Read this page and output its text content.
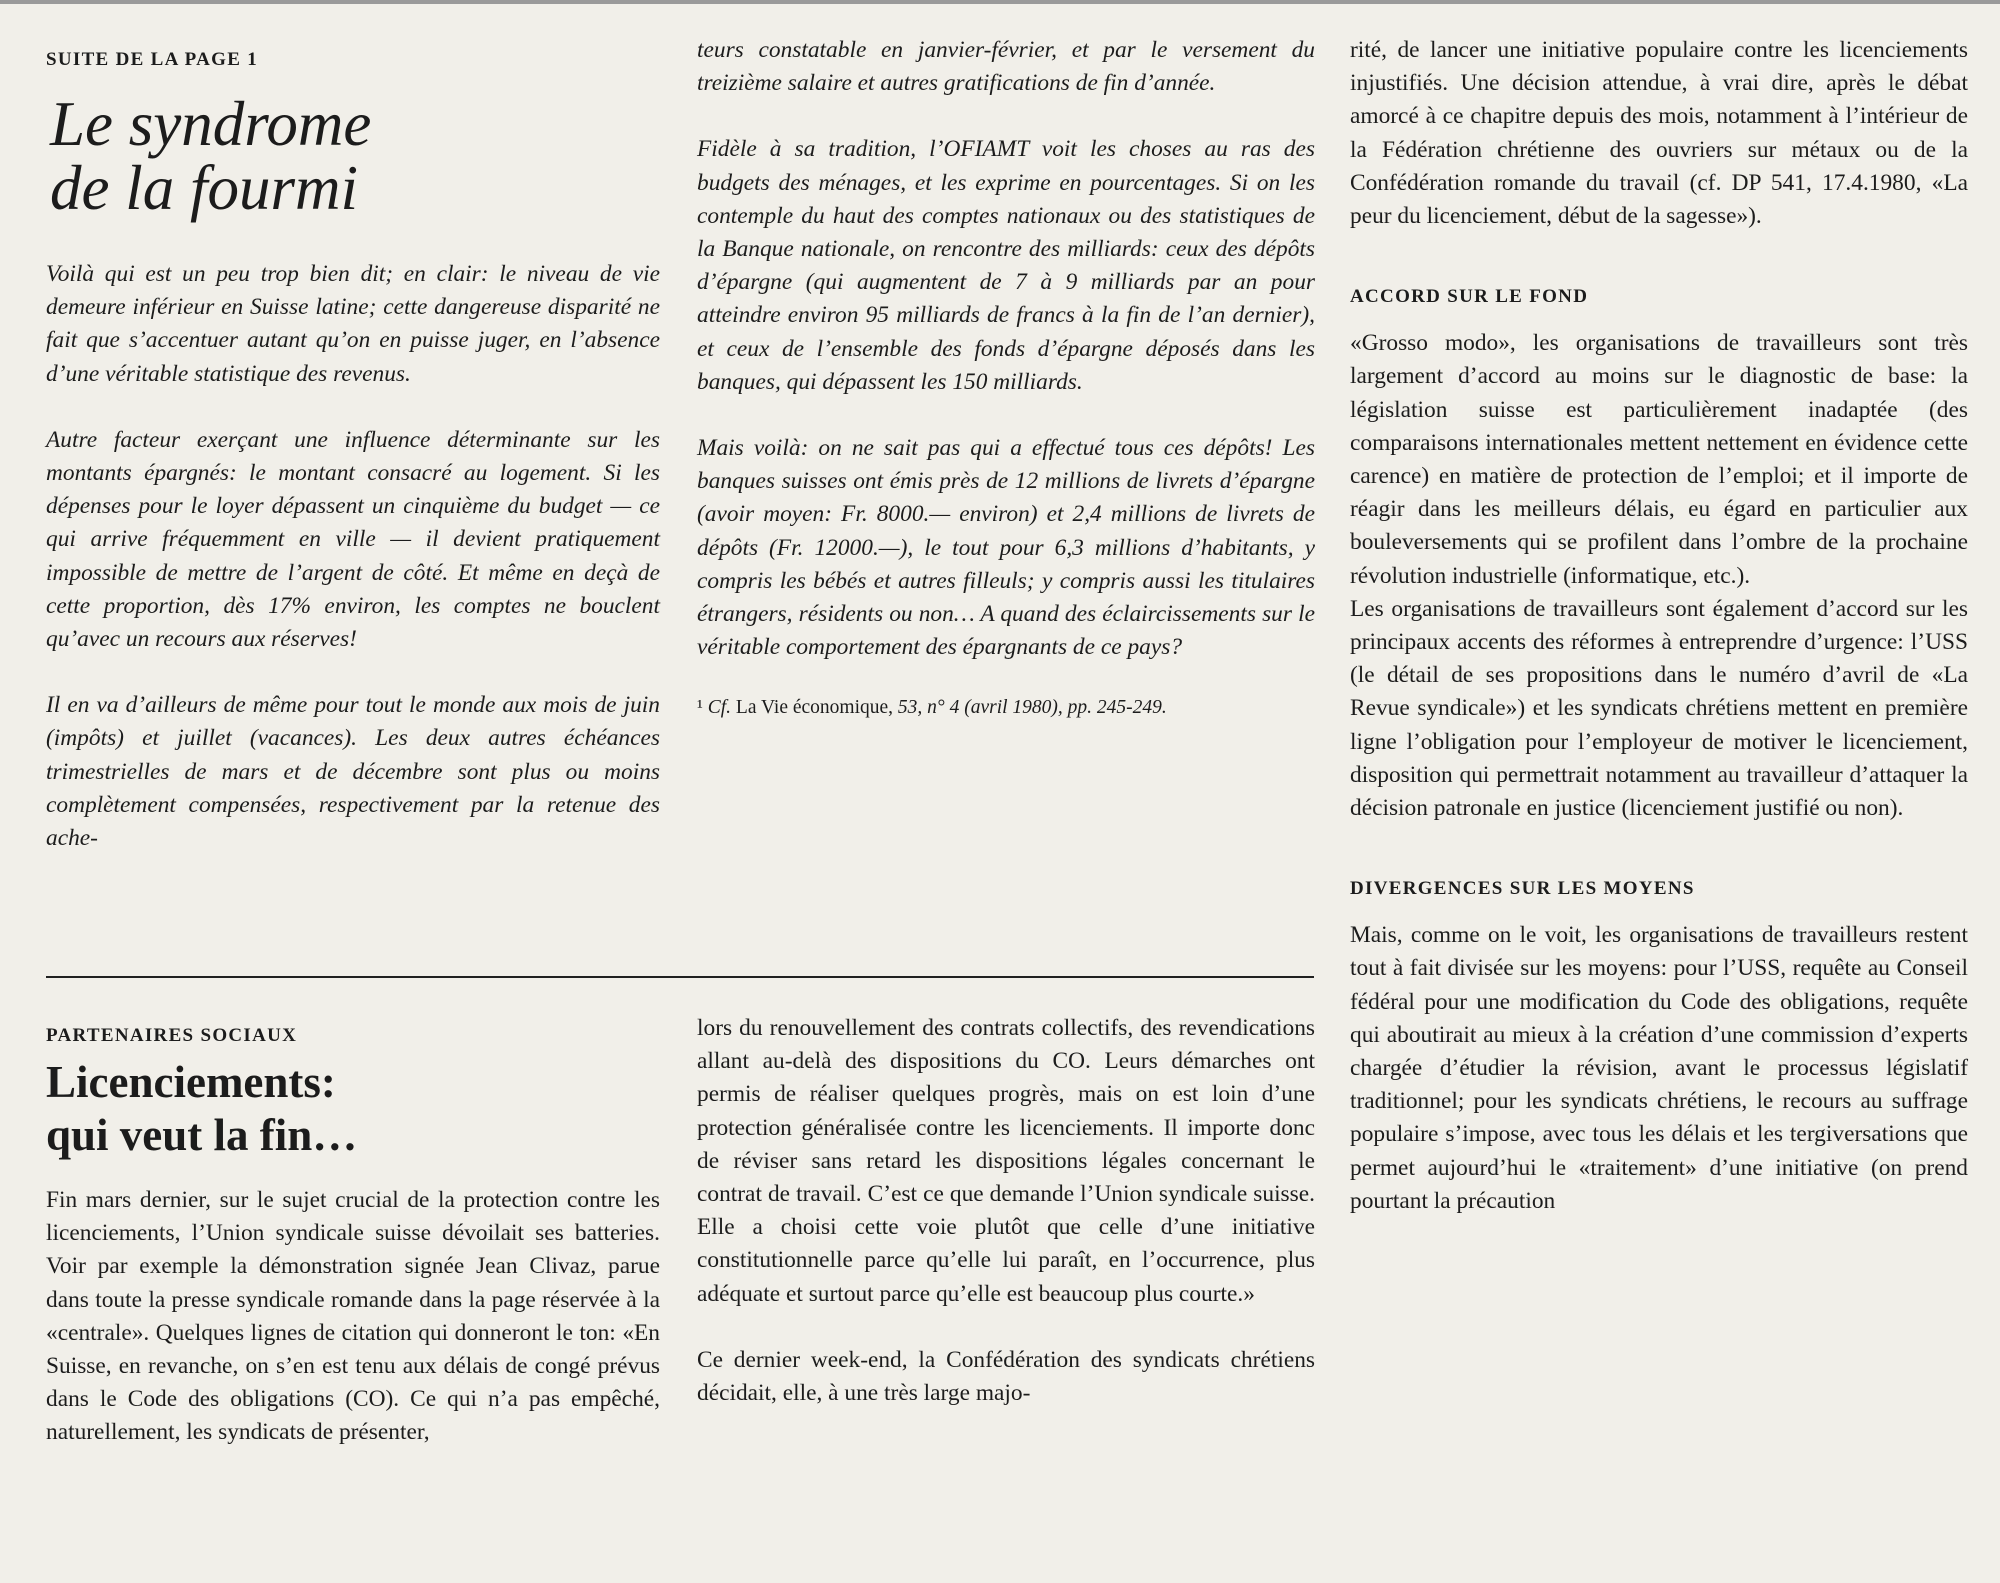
SUITE DE LA PAGE 1
Le syndrome
de la fourmi

Voilà qui est un peu trop bien dit; en clair: le niveau de vie demeure inférieur en Suisse latine; cette dangereuse disparité ne fait que s’accentuer autant qu’on en puisse juger, en l’absence d’une véritable statistique des revenus.

Autre facteur exerçant une influence déterminante sur les montants épargnés: le montant consacré au logement. Si les dépenses pour le loyer dépassent un cinquième du budget — ce qui arrive fréquemment en ville — il devient pratiquement impossible de mettre de l’argent de côté. Et même en deçà de cette proportion, dès 17% environ, les comptes ne bouclent qu’avec un recours aux réserves!

Il en va d’ailleurs de même pour tout le monde aux mois de juin (impôts) et juillet (vacances). Les deux autres échéances trimestrielles de mars et de décembre sont plus ou moins complètement compensées, respectivement par la retenue des ache-

teurs constatable en janvier-février, et par le versement du treizième salaire et autres gratifications de fin d’année.

Fidèle à sa tradition, l’OFIAMT voit les choses au ras des budgets des ménages, et les exprime en pourcentages. Si on les contemple du haut des comptes nationaux ou des statistiques de la Banque nationale, on rencontre des milliards: ceux des dépôts d’épargne (qui augmentent de 7 à 9 milliards par an pour atteindre environ 95 milliards de francs à la fin de l’an dernier), et ceux de l’ensemble des fonds d’épargne déposés dans les banques, qui dépassent les 150 milliards.

Mais voilà: on ne sait pas qui a effectué tous ces dépôts! Les banques suisses ont émis près de 12 millions de livrets d’épargne (avoir moyen: Fr. 8000.— environ) et 2,4 millions de livrets de dépôts (Fr. 12000.—), le tout pour 6,3 millions d’habitants, y compris les bébés et autres filleuls; y compris aussi les titulaires étrangers, résidents ou non… A quand des éclaircissements sur le véritable comportement des épargnants de ce pays?

¹ Cf. La Vie économique, 53, n° 4 (avril 1980), pp. 245-249.

PARTENAIRES SOCIAUX
Licenciements:
qui veut la fin…

Fin mars dernier, sur le sujet crucial de la protection contre les licenciements, l’Union syndicale suisse dévoilait ses batteries. Voir par exemple la démonstration signée Jean Clivaz, parue dans toute la presse syndicale romande dans la page réservée à la «centrale». Quelques lignes de citation qui donneront le ton: «En Suisse, en revanche, on s’en est tenu aux délais de congé prévus dans le Code des obligations (CO). Ce qui n’a pas empêché, naturellement, les syndicats de présenter,

lors du renouvellement des contrats collectifs, des revendications allant au-delà des dispositions du CO. Leurs démarches ont permis de réaliser quelques progrès, mais on est loin d’une protection généralisée contre les licenciements. Il importe donc de réviser sans retard les dispositions légales concernant le contrat de travail. C’est ce que demande l’Union syndicale suisse. Elle a choisi cette voie plutôt que celle d’une initiative constitutionnelle parce qu’elle lui paraît, en l’occurrence, plus adéquate et surtout parce qu’elle est beaucoup plus courte.»

Ce dernier week-end, la Confédération des syndicats chrétiens décidait, elle, à une très large majo-

rité, de lancer une initiative populaire contre les licenciements injustifiés. Une décision attendue, à vrai dire, après le débat amorcé à ce chapitre depuis des mois, notamment à l’intérieur de la Fédération chrétienne des ouvriers sur métaux ou de la Confédération romande du travail (cf. DP 541, 17.4.1980, «La peur du licenciement, début de la sagesse»).

ACCORD SUR LE FOND

«Grosso modo», les organisations de travailleurs sont très largement d’accord au moins sur le diagnostic de base: la législation suisse est particulièrement inadaptée (des comparaisons internationales mettent nettement en évidence cette carence) en matière de protection de l’emploi; et il importe de réagir dans les meilleurs délais, eu égard en particulier aux bouleversements qui se profilent dans l’ombre de la prochaine révolution industrielle (informatique, etc.).

Les organisations de travailleurs sont également d’accord sur les principaux accents des réformes à entreprendre d’urgence: l’USS (le détail de ses propositions dans le numéro d’avril de «La Revue syndicale») et les syndicats chrétiens mettent en première ligne l’obligation pour l’employeur de motiver le licenciement, disposition qui permettrait notamment au travailleur d’attaquer la décision patronale en justice (licenciement justifié ou non).

DIVERGENCES SUR LES MOYENS

Mais, comme on le voit, les organisations de travailleurs restent tout à fait divisée sur les moyens: pour l’USS, requête au Conseil fédéral pour une modification du Code des obligations, requête qui aboutirait au mieux à la création d’une commission d’experts chargée d’étudier la révision, avant le processus législatif traditionnel; pour les syndicats chrétiens, le recours au suffrage populaire s’impose, avec tous les délais et les tergiversations que permet aujourd’hui le «traitement» d’une initiative (on prend pourtant la précaution
